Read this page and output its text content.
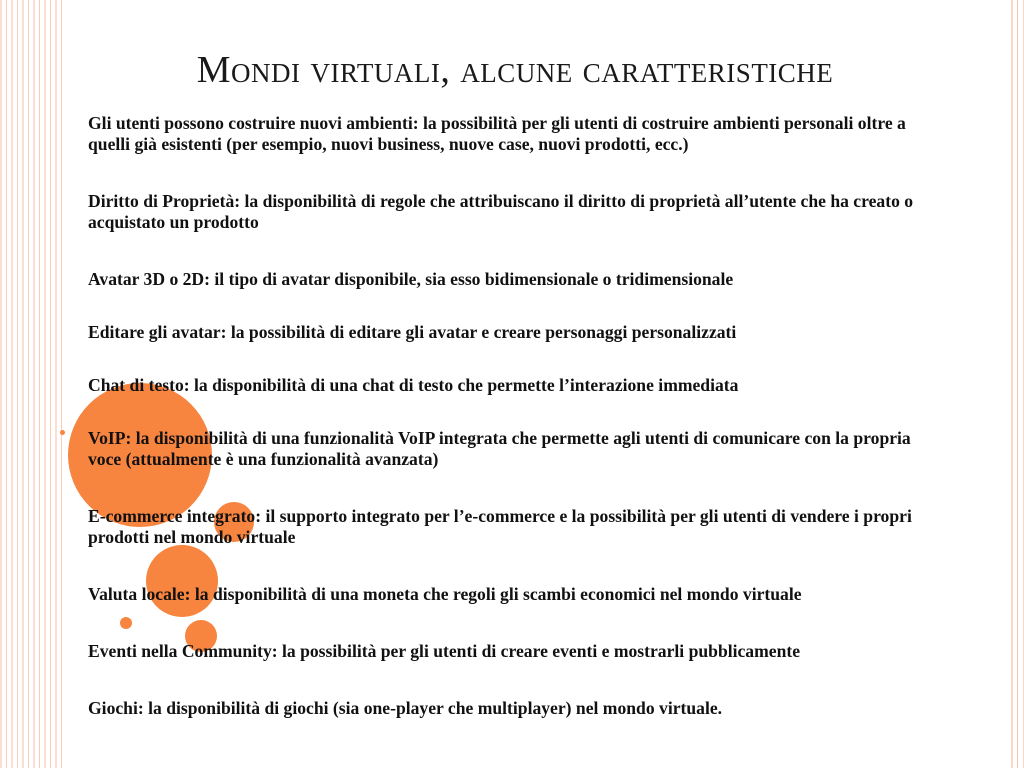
Mondi virtuali, alcune caratteristiche

Gli utenti possono costruire nuovi ambienti: la possibilità per gli utenti di costruire ambienti personali oltre a quelli già esistenti (per esempio, nuovi business, nuove case, nuovi prodotti, ecc.)

Diritto di Proprietà: la disponibilità di regole che attribuiscano il diritto di proprietà all’utente che ha creato o acquistato un prodotto

Avatar 3D o 2D: il tipo di avatar disponibile, sia esso bidimensionale o tridimensionale

Editare gli avatar: la possibilità di editare gli avatar e creare personaggi personalizzati

Chat di testo: la disponibilità di una chat di testo che permette l’interazione immediata

VoIP: la disponibilità di una funzionalità VoIP integrata che permette agli utenti di comunicare con la propria voce (attualmente è una funzionalità avanzata)

E-commerce integrato: il supporto integrato per l’e-commerce e la possibilità per gli utenti di vendere i propri prodotti nel mondo virtuale

Valuta locale: la disponibilità di una moneta che regoli gli scambi economici nel mondo virtuale

Eventi nella Community: la possibilità per gli utenti di creare eventi e mostrarli pubblicamente

Giochi: la disponibilità di giochi (sia one-player che multiplayer) nel mondo virtuale.
